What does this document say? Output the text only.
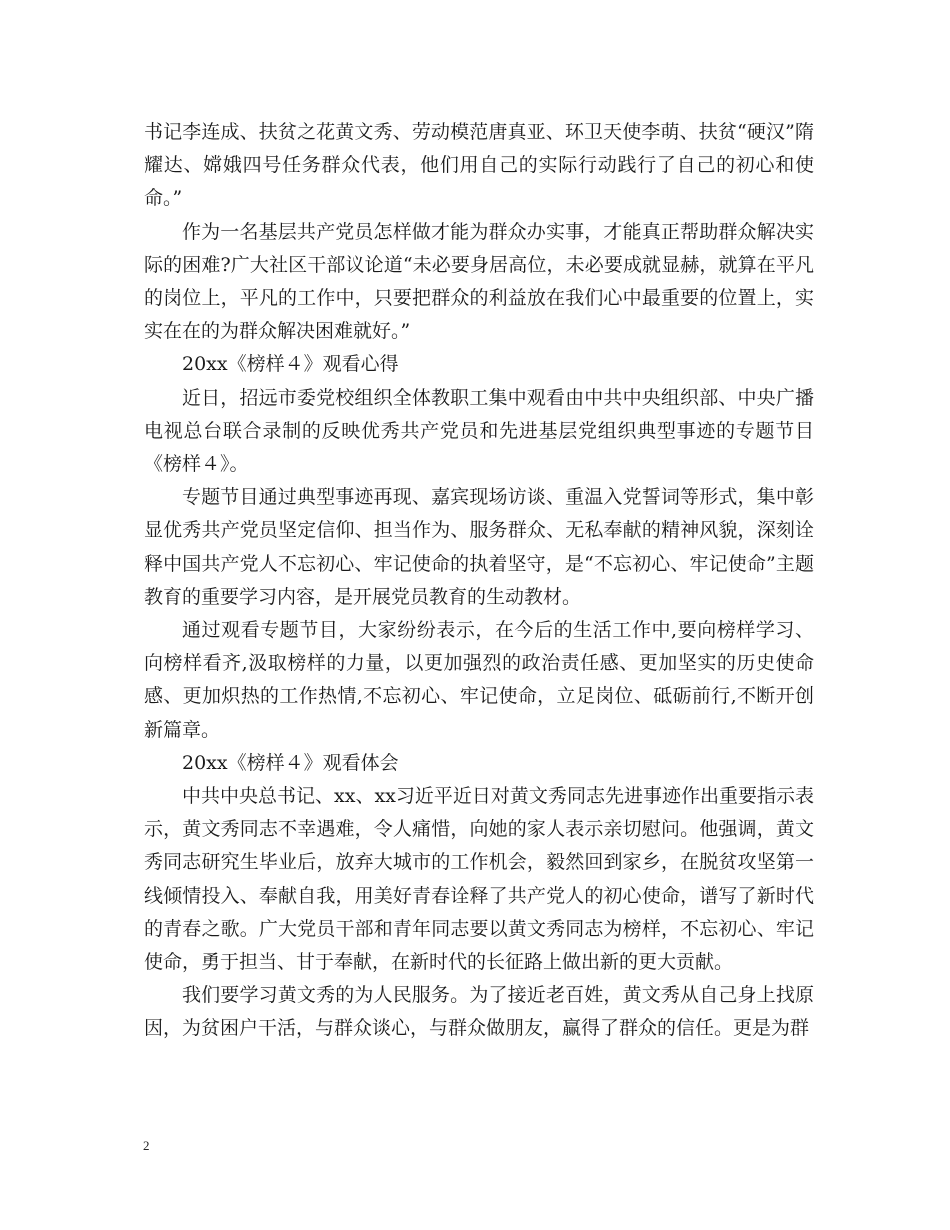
书记李连成、扶贫之花黄文秀、劳动模范唐真亚、环卫天使李萌、扶贫“硬汉”隋耀达、嫦娥四号任务群众代表，他们用自己的实际行动践行了自己的初心和使命。”

作为一名基层共产党员怎样做才能为群众办实事，才能真正帮助群众解决实际的困难?广大社区干部议论道“未必要身居高位，未必要成就显赫，就算在平凡的岗位上，平凡的工作中，只要把群众的利益放在我们心中最重要的位置上，实实在在的为群众解决困难就好。”

20xx《榜样４》观看心得

近日，招远市委党校组织全体教职工集中观看由中共中央组织部、中央广播电视总台联合录制的反映优秀共产党员和先进基层党组织典型事迹的专题节目《榜样４》。

专题节目通过典型事迹再现、嘉宾现场访谈、重温入党誓词等形式，集中彰显优秀共产党员坚定信仰、担当作为、服务群众、无私奉献的精神风貌，深刻诠释中国共产党人不忘初心、牢记使命的执着坚守，是“不忘初心、牢记使命”主题教育的重要学习内容，是开展党员教育的生动教材。

通过观看专题节目，大家纷纷表示，在今后的生活工作中,要向榜样学习、向榜样看齐,汲取榜样的力量，以更加强烈的政治责任感、更加坚实的历史使命感、更加炽热的工作热情,不忘初心、牢记使命，立足岗位、砥砺前行,不断开创新篇章。

20xx《榜样４》观看体会

中共中央总书记、xx、xx习近平近日对黄文秀同志先进事迹作出重要指示表示，黄文秀同志不幸遇难，令人痛惜，向她的家人表示亲切慰问。他强调，黄文秀同志研究生毕业后，放弃大城市的工作机会，毅然回到家乡，在脱贫攻坚第一线倾情投入、奉献自我，用美好青春诠释了共产党人的初心使命，谱写了新时代的青春之歌。广大党员干部和青年同志要以黄文秀同志为榜样，不忘初心、牢记使命，勇于担当、甘于奉献，在新时代的长征路上做出新的更大贡献。

我们要学习黄文秀的为人民服务。为了接近老百姓，黄文秀从自己身上找原因，为贫困户干活，与群众谈心，与群众做朋友，赢得了群众的信任。更是为群

2
